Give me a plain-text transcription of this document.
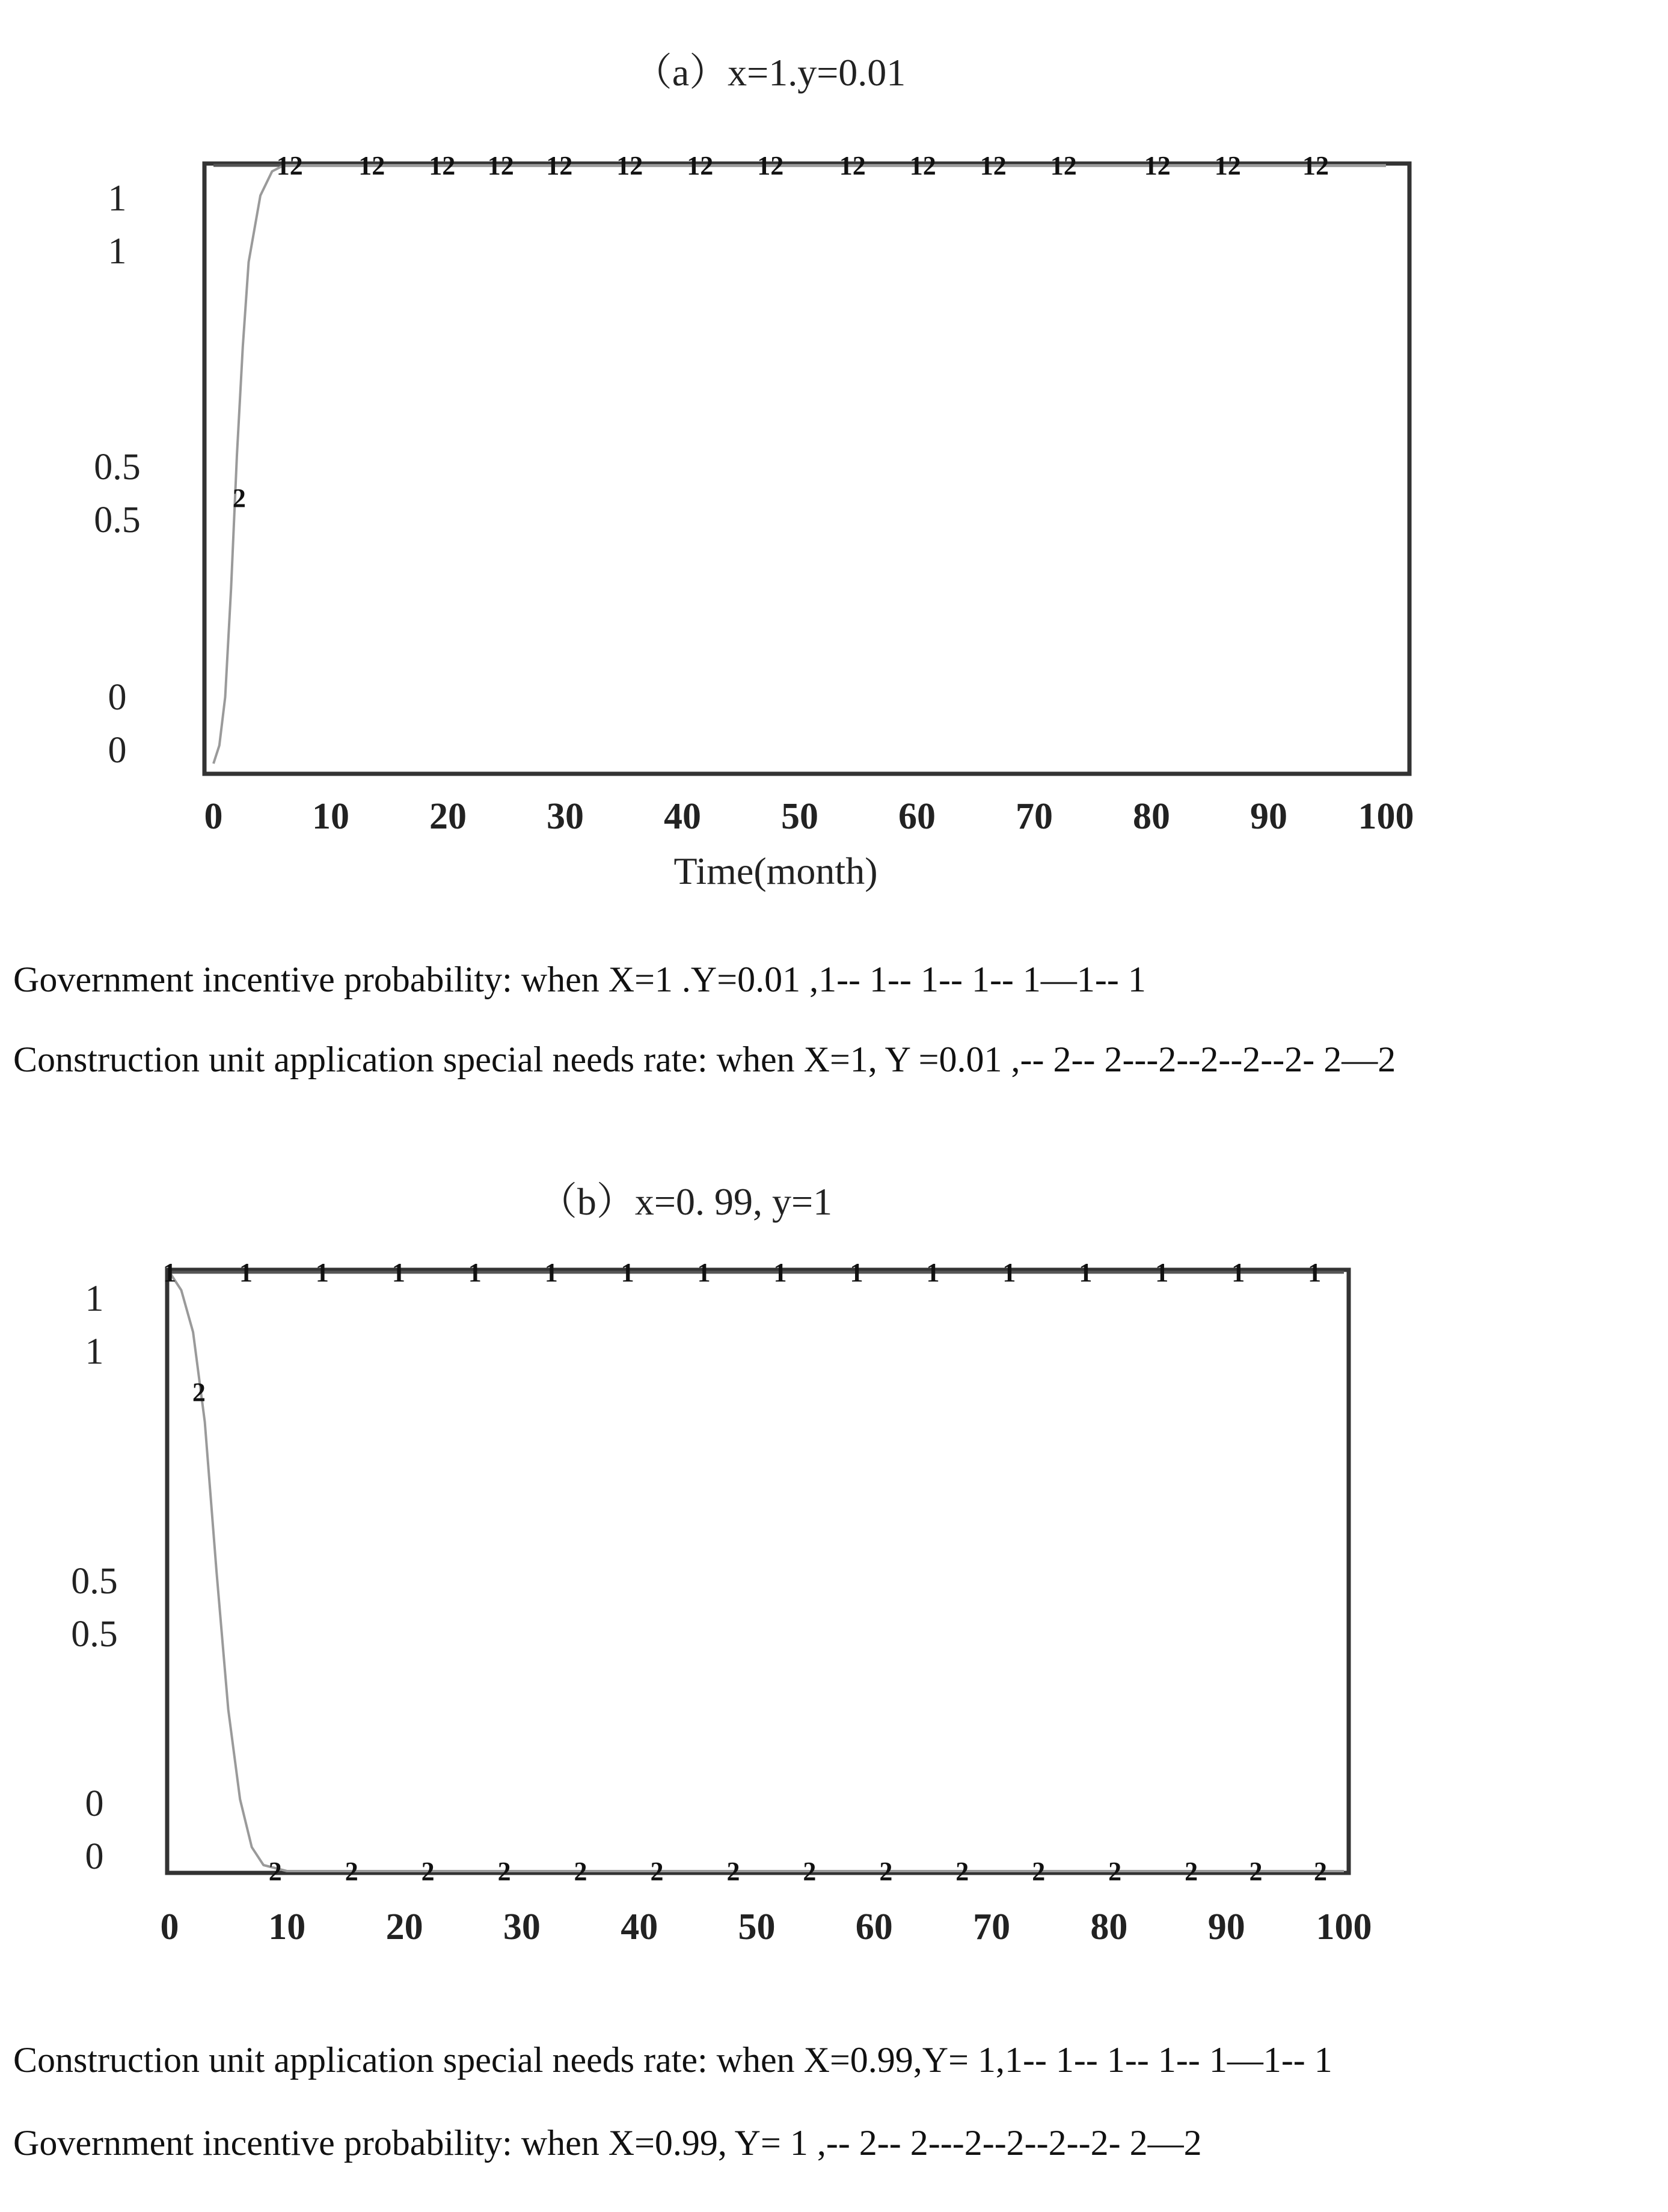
（a）x=1.y=0.01
1
1
0.5
0.5
0
0
0 10 20 30 40 50 60 70 80 90 100
Time(month)
12 12 12 12 12 12 12 12 12 12 12 12	12 12 12
2
Government incentive probability: when X=1 .Y=0.01 ,1-- 1-- 1-- 1-- 1—1-- 1
Construction unit application special needs rate: when X=1, Y =0.01 ,-- 2-- 2---2--2--2--2- 2—2
（b）x=0. 99, y=1
1
1
0.5
0.5
0
0
0 10 20 30 40 50 60 70 80 90 100
1 1 1 1 1 1 1 1 1 1 1 1 1 1 1 1
2
2 2 2 2 2 2 2 2 2 2 2 2 2 2 2
Construction unit application special needs rate: when X=0.99,Y= 1,1-- 1-- 1-- 1-- 1—1-- 1
Government incentive probability: when X=0.99, Y= 1 ,-- 2-- 2---2--2--2--2- 2—2
